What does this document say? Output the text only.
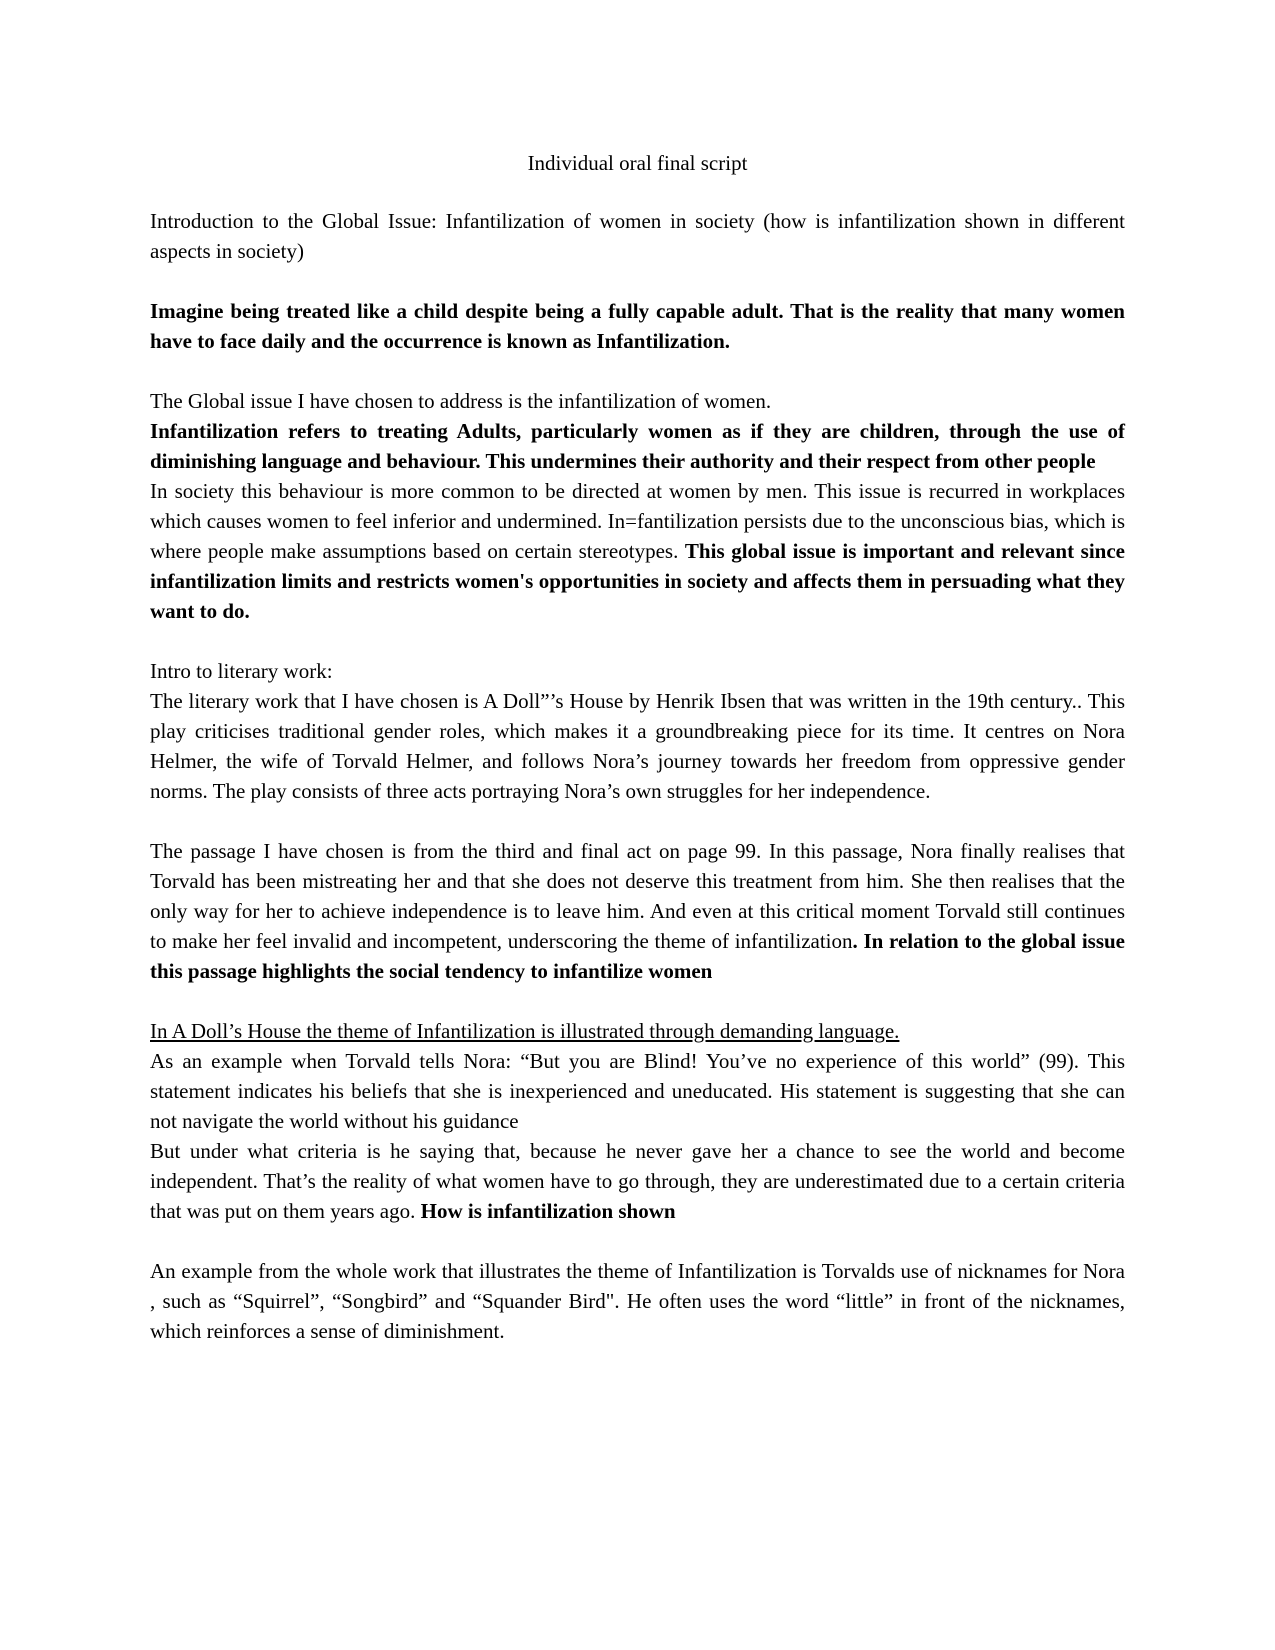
Individual oral final script

Introduction to the Global Issue: Infantilization of women in society (how is infantilization shown in different aspects in society)

Imagine being treated like a child despite being a fully capable adult. That is the reality that many women have to face daily and the occurrence is known as Infantilization.

The Global issue I have chosen to address is the infantilization of women.

Infantilization refers to treating Adults, particularly women as if they are children, through the use of diminishing language and behaviour. This undermines their authority and their respect from other people

In society this behaviour is more common to be directed at women by men. This issue is recurred in workplaces which causes women to feel inferior and undermined. In=fantilization persists due to the unconscious bias, which is where people make assumptions based on certain stereotypes. This global issue is important and relevant since infantilization limits and restricts women's opportunities in society and affects them in persuading what they want to do.

Intro to literary work:

The literary work that I have chosen is A Doll”’s House by Henrik Ibsen that was written in the 19th century.. This play criticises traditional gender roles, which makes it a groundbreaking piece for its time. It centres on Nora Helmer, the wife of Torvald Helmer, and follows Nora’s journey towards her freedom from oppressive gender norms. The play consists of three acts portraying Nora’s own struggles for her independence.

The passage I have chosen is from the third and final act on page 99. In this passage, Nora finally realises that Torvald has been mistreating her and that she does not deserve this treatment from him. She then realises that the only way for her to achieve independence is to leave him. And even at this critical moment Torvald still continues to make her feel invalid and incompetent, underscoring the theme of infantilization. In relation to the global issue this passage highlights the social tendency to infantilize women

In A Doll’s House the theme of Infantilization is illustrated through demanding language.

As an example when Torvald tells Nora: “But you are Blind! You’ve no experience of this world” (99). This statement indicates his beliefs that she is inexperienced and uneducated. His statement is suggesting that she can not navigate the world without his guidance

But under what criteria is he saying that, because he never gave her a chance to see the world and become independent. That’s the reality of what women have to go through, they are underestimated due to a certain criteria that was put on them years ago. How is infantilization shown

An example from the whole work that illustrates the theme of Infantilization is Torvalds use of nicknames for Nora , such as “Squirrel”, “Songbird” and “Squander Bird". He often uses the word “little” in front of the nicknames, which reinforces a sense of diminishment.
